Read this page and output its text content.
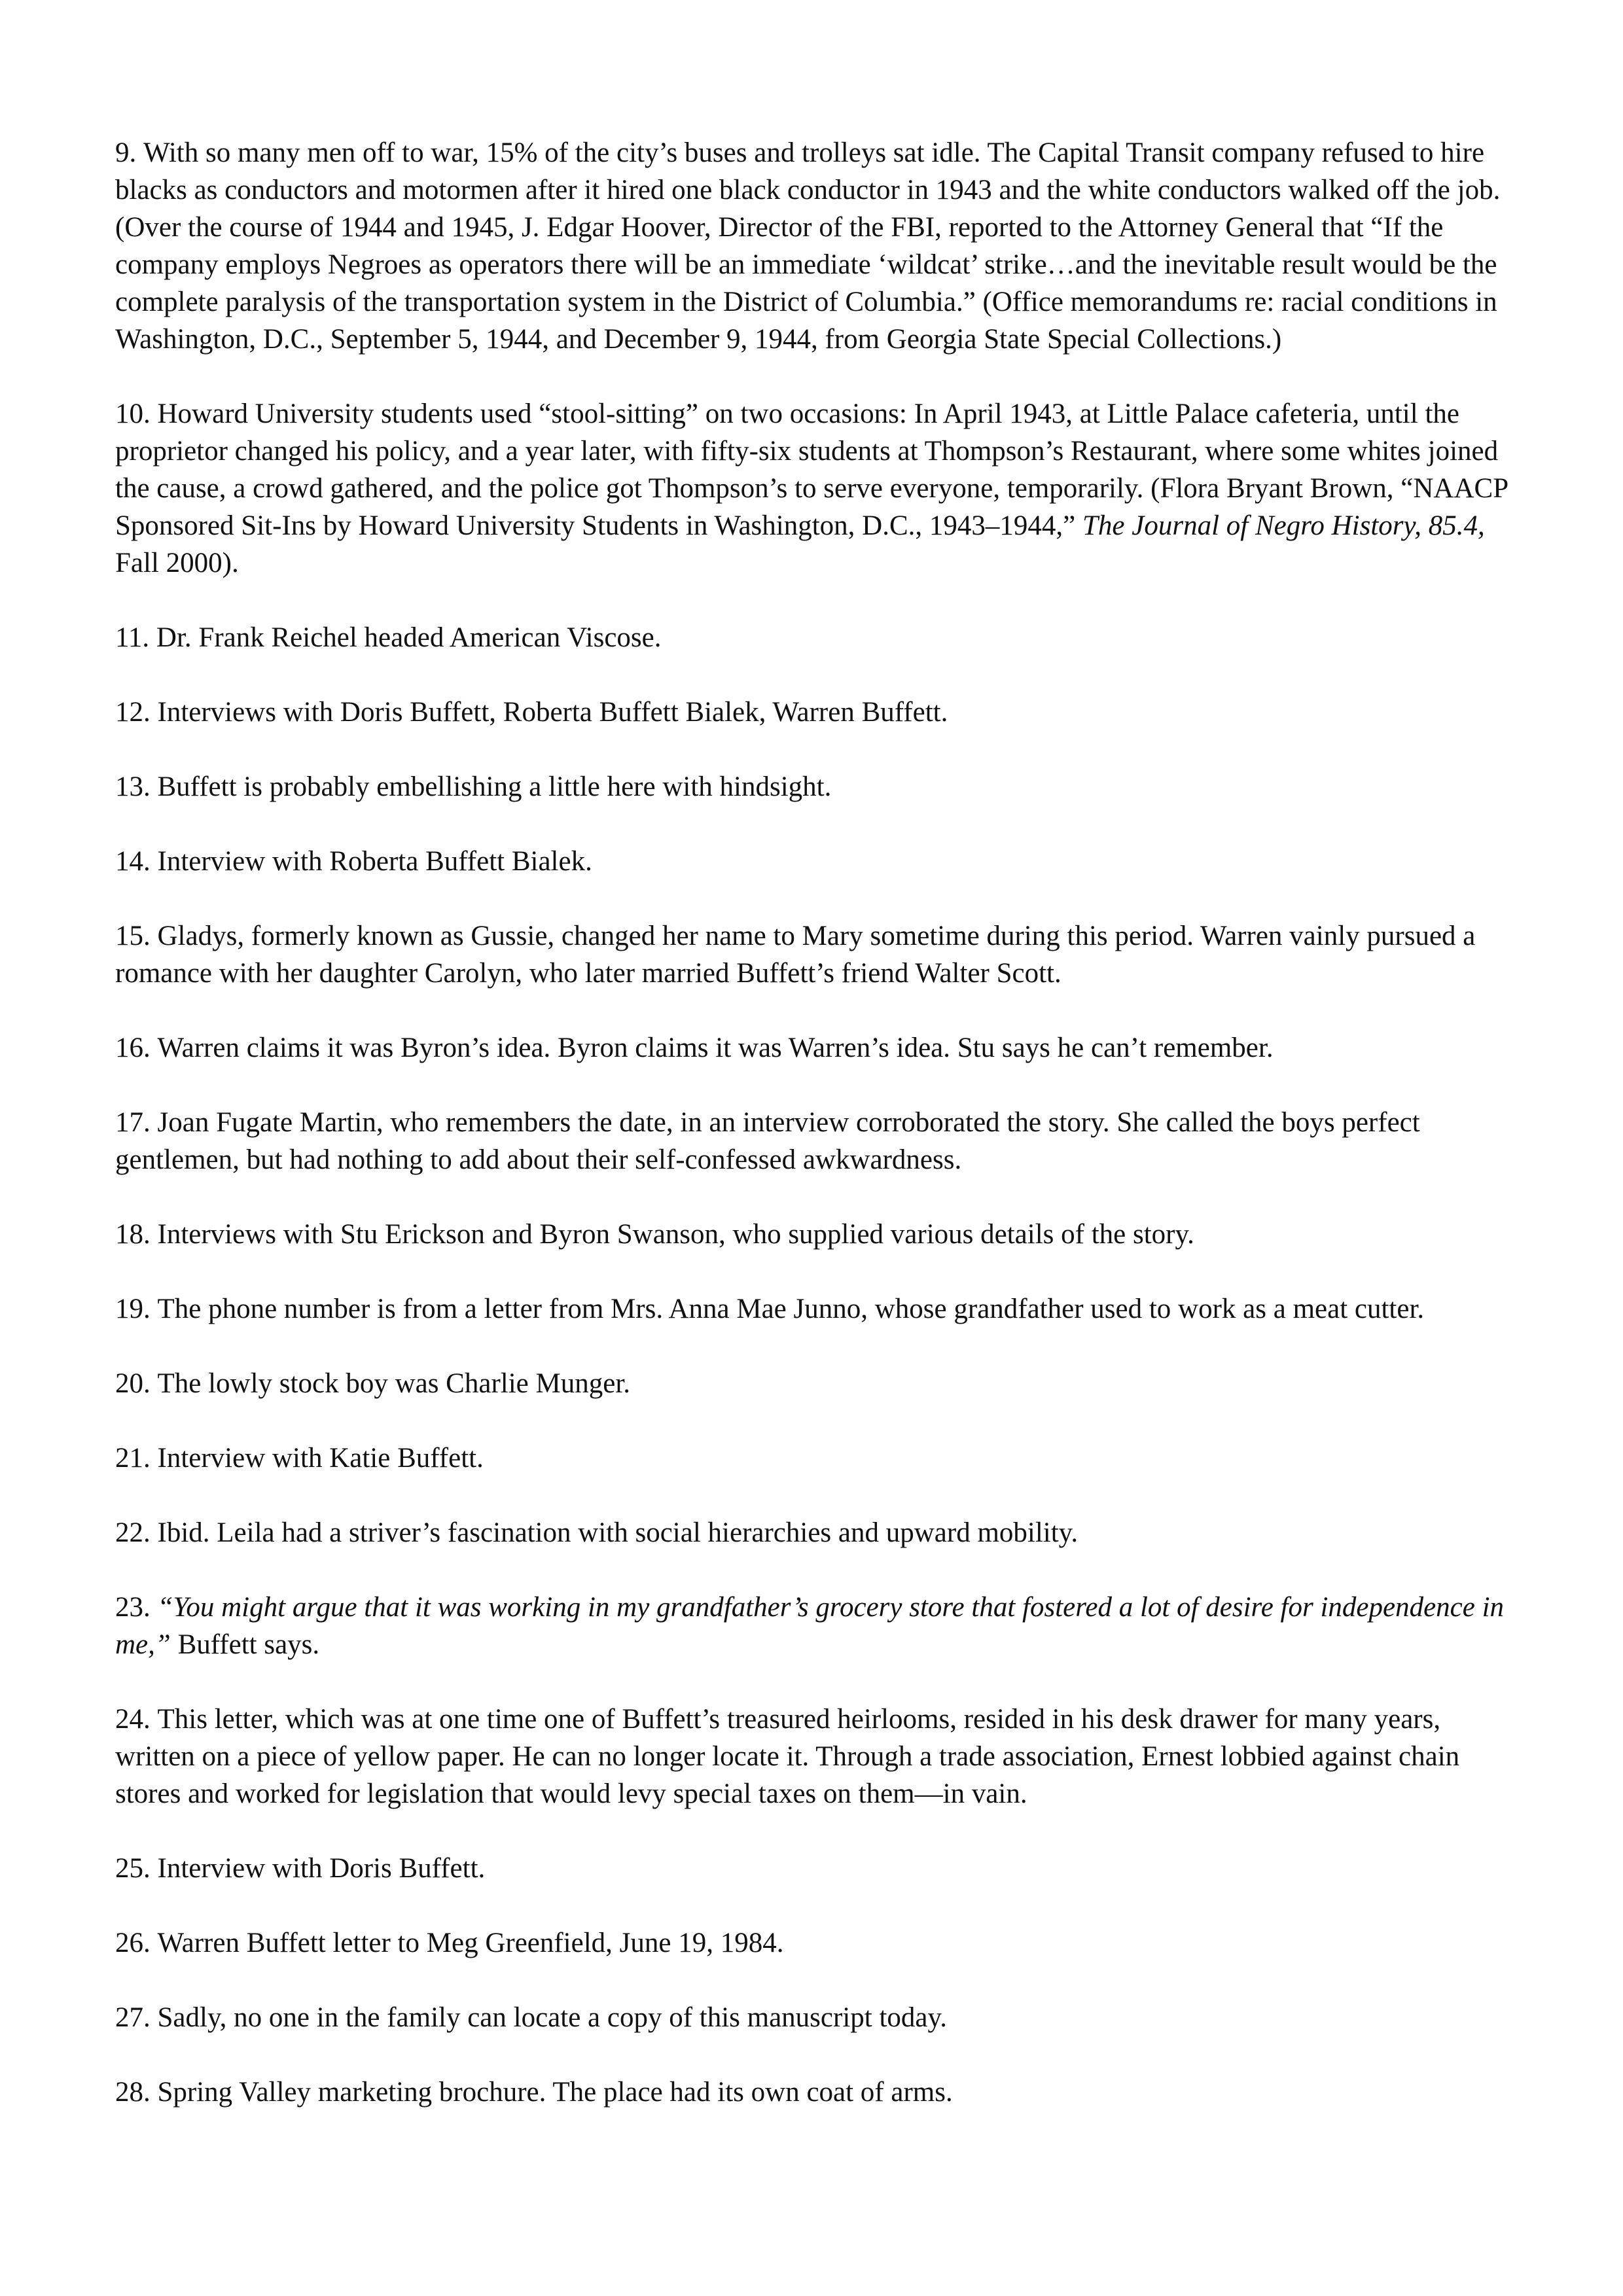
9. With so many men off to war, 15% of the city’s buses and trolleys sat idle. The Capital Transit company refused to hire blacks as conductors and motormen after it hired one black conductor in 1943 and the white conductors walked off the job. (Over the course of 1944 and 1945, J. Edgar Hoover, Director of the FBI, reported to the Attorney General that “If the company employs Negroes as operators there will be an immediate ‘wildcat’ strike…and the inevitable result would be the complete paralysis of the transportation system in the District of Columbia.” (Office memorandums re: racial conditions in Washington, D.C., September 5, 1944, and December 9, 1944, from Georgia State Special Collections.)

10. Howard University students used “stool-sitting” on two occasions: In April 1943, at Little Palace cafeteria, until the proprietor changed his policy, and a year later, with fifty-six students at Thompson’s Restaurant, where some whites joined the cause, a crowd gathered, and the police got Thompson’s to serve everyone, temporarily. (Flora Bryant Brown, “NAACP Sponsored Sit-Ins by Howard University Students in Washington, D.C., 1943–1944,” The Journal of Negro History, 85.4, Fall 2000).

11. Dr. Frank Reichel headed American Viscose.

12. Interviews with Doris Buffett, Roberta Buffett Bialek, Warren Buffett.

13. Buffett is probably embellishing a little here with hindsight.

14. Interview with Roberta Buffett Bialek.

15. Gladys, formerly known as Gussie, changed her name to Mary sometime during this period. Warren vainly pursued a romance with her daughter Carolyn, who later married Buffett’s friend Walter Scott.

16. Warren claims it was Byron’s idea. Byron claims it was Warren’s idea. Stu says he can’t remember.

17. Joan Fugate Martin, who remembers the date, in an interview corroborated the story. She called the boys perfect gentlemen, but had nothing to add about their self-confessed awkwardness.

18. Interviews with Stu Erickson and Byron Swanson, who supplied various details of the story.

19. The phone number is from a letter from Mrs. Anna Mae Junno, whose grandfather used to work as a meat cutter.

20. The lowly stock boy was Charlie Munger.

21. Interview with Katie Buffett.

22. Ibid. Leila had a striver’s fascination with social hierarchies and upward mobility.

23. “You might argue that it was working in my grandfather’s grocery store that fostered a lot of desire for independence in me,” Buffett says.

24. This letter, which was at one time one of Buffett’s treasured heirlooms, resided in his desk drawer for many years, written on a piece of yellow paper. He can no longer locate it. Through a trade association, Ernest lobbied against chain stores and worked for legislation that would levy special taxes on them—in vain.

25. Interview with Doris Buffett.

26. Warren Buffett letter to Meg Greenfield, June 19, 1984.

27. Sadly, no one in the family can locate a copy of this manuscript today.

28. Spring Valley marketing brochure. The place had its own coat of arms.
